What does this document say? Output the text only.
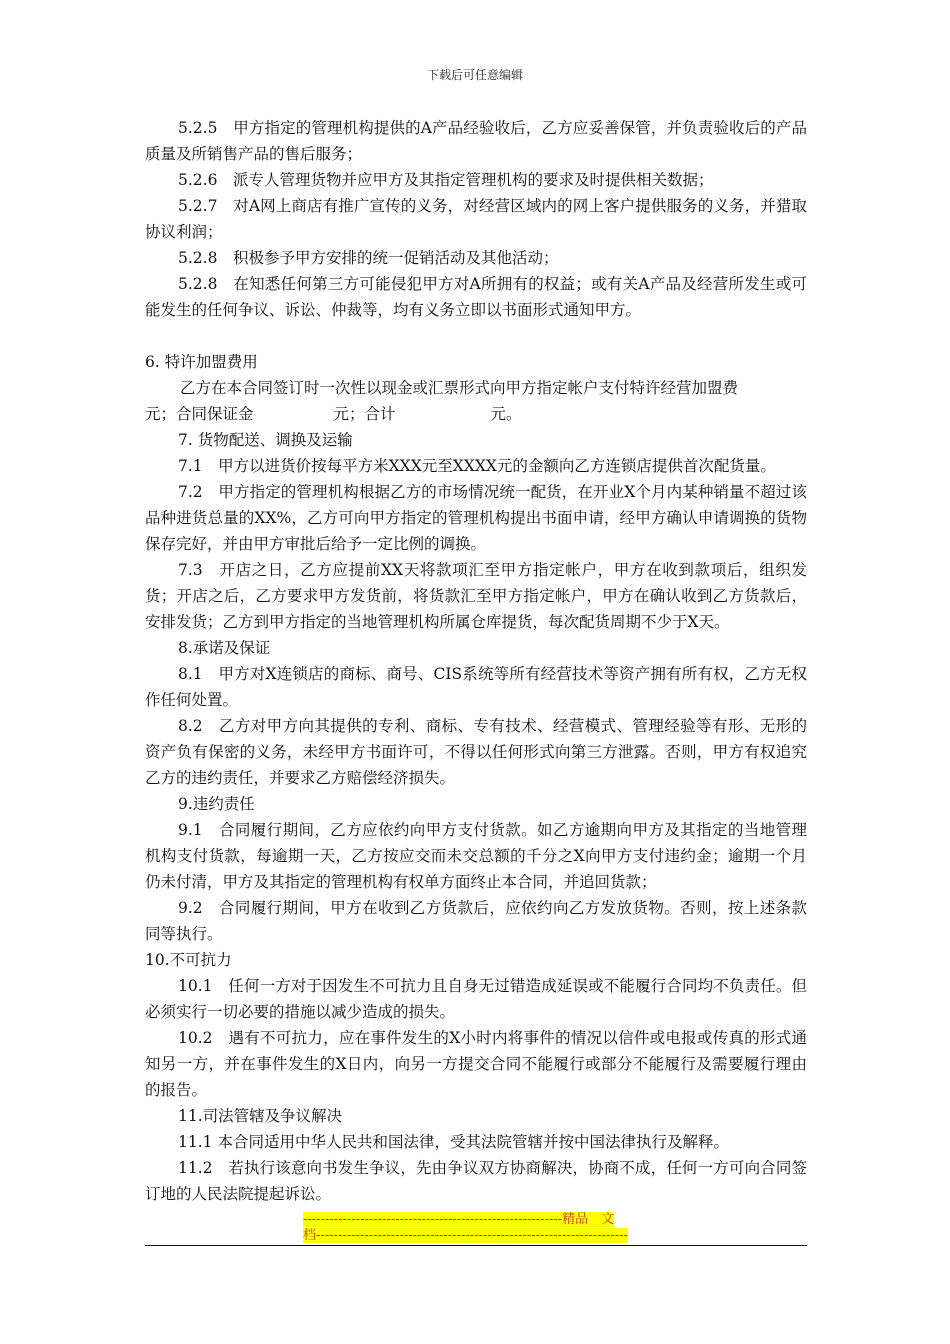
下载后可任意编辑

5.2.5　甲方指定的管理机构提供的A产品经验收后，乙方应妥善保管，并负责验收后的产品质量及所销售产品的售后服务；

5.2.6　派专人管理货物并应甲方及其指定管理机构的要求及时提供相关数据；

5.2.7　对A网上商店有推广宣传的义务，对经营区域内的网上客户提供服务的义务，并猎取协议利润；

5.2.8　积极参予甲方安排的统一促销活动及其他活动；

5.2.8　在知悉任何第三方可能侵犯甲方对A所拥有的权益；或有关A产品及经营所发生或可能发生的任何争议、诉讼、仲裁等，均有义务立即以书面形式通知甲方。

6. 特许加盟费用

乙方在本合同签订时一次性以现金或汇票形式向甲方指定帐户支付特许经营加盟费

元；合同保证金	元；合计	元。

7. 货物配送、调换及运输

7.1　甲方以进货价按每平方米XXX元至XXXX元的金额向乙方连锁店提供首次配货量。

7.2　甲方指定的管理机构根据乙方的市场情况统一配货，在开业X个月内某种销量不超过该品种进货总量的XX%，乙方可向甲方指定的管理机构提出书面申请，经甲方确认申请调换的货物保存完好，并由甲方审批后给予一定比例的调换。

7.3　开店之日，乙方应提前XX天将款项汇至甲方指定帐户，甲方在收到款项后，组织发货；开店之后，乙方要求甲方发货前，将货款汇至甲方指定帐户，甲方在确认收到乙方货款后，安排发货；乙方到甲方指定的当地管理机构所属仓库提货，每次配货周期不少于X天。

8.承诺及保证

8.1　甲方对X连锁店的商标、商号、CIS系统等所有经营技术等资产拥有所有权，乙方无权作任何处置。

8.2　乙方对甲方向其提供的专利、商标、专有技术、经营模式、管理经验等有形、无形的资产负有保密的义务，未经甲方书面许可，不得以任何形式向第三方泄露。否则，甲方有权追究乙方的违约责任，并要求乙方赔偿经济损失。

9.违约责任

9.1　合同履行期间，乙方应依约向甲方支付货款。如乙方逾期向甲方及其指定的当地管理机构支付货款，每逾期一天，乙方按应交而未交总额的千分之X向甲方支付违约金；逾期一个月仍未付清，甲方及其指定的管理机构有权单方面终止本合同，并追回货款；

9.2　合同履行期间，甲方在收到乙方货款后，应依约向乙方发放货物。否则，按上述条款同等执行。

10.不可抗力

10.1　任何一方对于因发生不可抗力且自身无过错造成延误或不能履行合同均不负责任。但必须实行一切必要的措施以减少造成的损失。

10.2　遇有不可抗力，应在事件发生的X小时内将事件的情况以信件或电报或传真的形式通知另一方，并在事件发生的X日内，向另一方提交合同不能履行或部分不能履行及需要履行理由的报告。

11.司法管辖及争议解决

11.1 本合同适用中华人民共和国法律，受其法院管辖并按中国法律执行及解释。

11.2　若执行该意向书发生争议，先由争议双方协商解决，协商不成，任何一方可向合同签订地的人民法院提起诉讼。

-----------------------------------------------------------精品　文
档-----------------------------------------------------------------------
